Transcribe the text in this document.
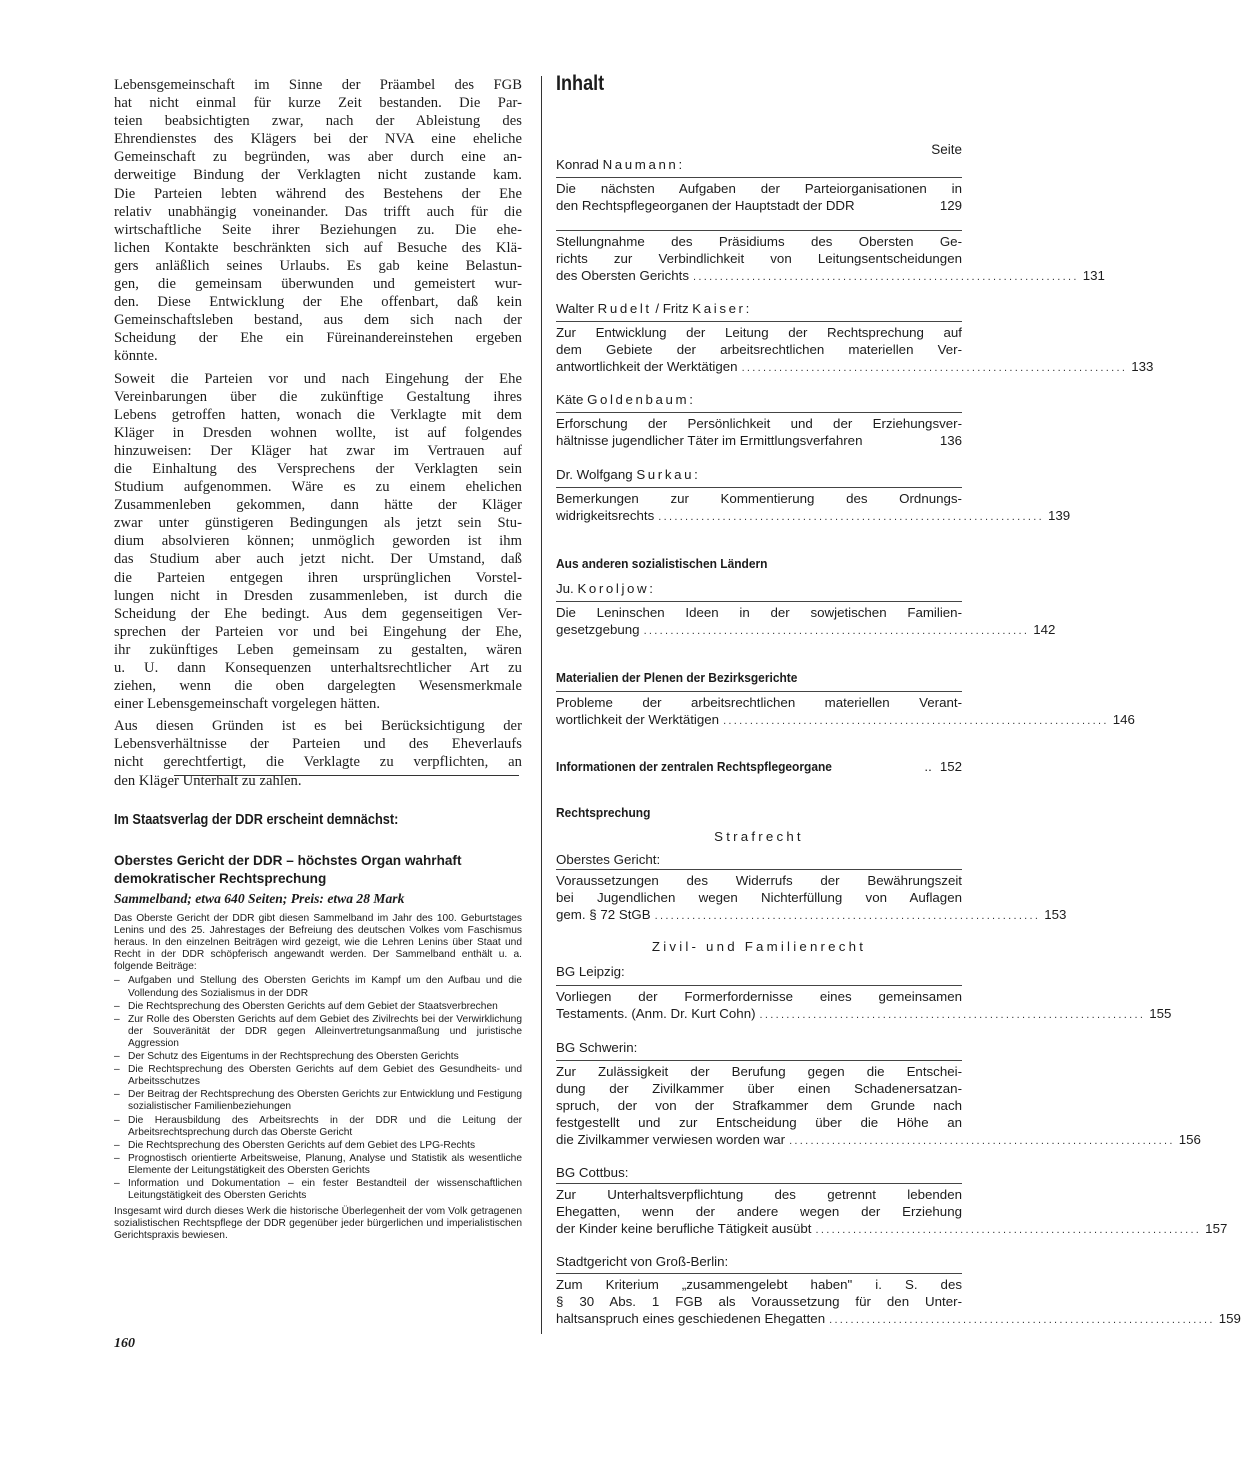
Lebensgemeinschaft im Sinne der Präambel des FGB
hat nicht einmal für kurze Zeit bestanden. Die Par-
teien beabsichtigten zwar, nach der Ableistung des
Ehrendienstes des Klägers bei der NVA eine eheliche
Gemeinschaft zu begründen, was aber durch eine an-
derweitige Bindung der Verklagten nicht zustande kam.
Die Parteien lebten während des Bestehens der Ehe
relativ unabhängig voneinander. Das trifft auch für die
wirtschaftliche Seite ihrer Beziehungen zu. Die ehe-
lichen Kontakte beschränkten sich auf Besuche des Klä-
gers anläßlich seines Urlaubs. Es gab keine Belastun-
gen, die gemeinsam überwunden und gemeistert wur-
den. Diese Entwicklung der Ehe offenbart, daß kein
Gemeinschaftsleben bestand, aus dem sich nach der
Scheidung der Ehe ein Füreinandereinstehen ergeben
könnte.
Soweit die Parteien vor und nach Eingehung der Ehe
Vereinbarungen über die zukünftige Gestaltung ihres
Lebens getroffen hatten, wonach die Verklagte mit dem
Kläger in Dresden wohnen wollte, ist auf folgendes
hinzuweisen: Der Kläger hat zwar im Vertrauen auf
die Einhaltung des Versprechens der Verklagten sein
Studium aufgenommen. Wäre es zu einem ehelichen
Zusammenleben gekommen, dann hätte der Kläger
zwar unter günstigeren Bedingungen als jetzt sein Stu-
dium absolvieren können; unmöglich geworden ist ihm
das Studium aber auch jetzt nicht. Der Umstand, daß
die Parteien entgegen ihren ursprünglichen Vorstel-
lungen nicht in Dresden zusammenleben, ist durch die
Scheidung der Ehe bedingt. Aus dem gegenseitigen Ver-
sprechen der Parteien vor und bei Eingehung der Ehe,
ihr zukünftiges Leben gemeinsam zu gestalten, wären
u. U. dann Konsequenzen unterhaltsrechtlicher Art zu
ziehen, wenn die oben dargelegten Wesensmerkmale
einer Lebensgemeinschaft vorgelegen hätten.
Aus diesen Gründen ist es bei Berücksichtigung der
Lebensverhältnisse der Parteien und des Eheverlaufs
nicht gerechtfertigt, die Verklagte zu verpflichten, an
den Kläger Unterhalt zu zahlen.
Im Staatsverlag der DDR erscheint demnächst:
Oberstes Gericht der DDR – höchstes Organ wahrhaft
demokratischer Rechtsprechung
Sammelband; etwa 640 Seiten; Preis: etwa 28 Mark
Das Oberste Gericht der DDR gibt diesen Sammelband im Jahr des 100. Geburtstages Lenins und des 25. Jahrestages der Befreiung des deutschen Volkes vom Faschismus heraus. In den einzelnen Beiträgen wird gezeigt, wie die Lehren Lenins über Staat und Recht in der DDR schöpferisch angewandt werden. Der Sammelband enthält u. a. folgende Beiträge:
– Aufgaben und Stellung des Obersten Gerichts im Kampf um den Aufbau und die Vollendung des Sozialismus in der DDR
– Die Rechtsprechung des Obersten Gerichts auf dem Gebiet der Staatsverbrechen
– Zur Rolle des Obersten Gerichts auf dem Gebiet des Zivilrechts bei der Verwirklichung der Souveränität der DDR gegen Alleinvertretungsanmaßung und juristische Aggression
– Der Schutz des Eigentums in der Rechtsprechung des Obersten Gerichts
– Die Rechtsprechung des Obersten Gerichts auf dem Gebiet des Gesundheits- und Arbeitsschutzes
– Der Beitrag der Rechtsprechung des Obersten Gerichts zur Entwicklung und Festigung sozialistischer Familienbeziehungen
– Die Herausbildung des Arbeitsrechts in der DDR und die Leitung der Arbeitsrechtsprechung durch das Oberste Gericht
– Die Rechtsprechung des Obersten Gerichts auf dem Gebiet des LPG-Rechts
– Prognostisch orientierte Arbeitsweise, Planung, Analyse und Statistik als wesentliche Elemente der Leitungstätigkeit des Obersten Gerichts
– Information und Dokumentation – ein fester Bestandteil der wissenschaftlichen Leitungstätigkeit des Obersten Gerichts
Insgesamt wird durch dieses Werk die historische Überlegenheit der vom Volk getragenen sozialistischen Rechtspflege der DDR gegenüber jeder bürgerlichen und imperialistischen Gerichtspraxis bewiesen.
160
Inhalt
Seite
Konrad Naumann:
Die nächsten Aufgaben der Parteiorganisationen in
den Rechtspflegeorganen der Hauptstadt der DDR	129
Stellungnahme des Präsidiums des Obersten Ge-
richts zur Verbindlichkeit von Leitungsentscheidungen
des Obersten Gerichts ........................................................................ 131
Walter Rudelt / Fritz Kaiser:
Zur Entwicklung der Leitung der Rechtsprechung auf
dem Gebiete der arbeitsrechtlichen materiellen Ver-
antwortlichkeit der Werktätigen ........................................................................ 133
Käte Goldenbaum:
Erforschung der Persönlichkeit und der Erziehungsver-
hältnisse jugendlicher Täter im Ermittlungsverfahren	136
Dr. Wolfgang Surkau:
Bemerkungen zur Kommentierung des Ordnungs-
widrigkeitsrechts ........................................................................ 139
Aus anderen sozialistischen Ländern
Ju. Koroljow:
Die Leninschen Ideen in der sowjetischen Familien-
gesetzgebung ........................................................................ 142
Materialien der Plenen der Bezirksgerichte
Probleme der arbeitsrechtlichen materiellen Verant-
wortlichkeit der Werktätigen ........................................................................ 146
Informationen der zentralen Rechtspflegeorgane	.. 152
Rechtsprechung
Strafrecht
Oberstes Gericht:
Voraussetzungen des Widerrufs der Bewährungszeit
bei Jugendlichen wegen Nichterfüllung von Auflagen
gem. § 72 StGB ........................................................................ 153
Zivil- und Familienrecht
BG Leipzig:
Vorliegen der Formerfordernisse eines gemeinsamen
Testaments. (Anm. Dr. Kurt Cohn) ........................................................................ 155
BG Schwerin:
Zur Zulässigkeit der Berufung gegen die Entschei-
dung der Zivilkammer über einen Schadenersatzan-
spruch, der von der Strafkammer dem Grunde nach
festgestellt und zur Entscheidung über die Höhe an
die Zivilkammer verwiesen worden war ........................................................................ 156
BG Cottbus:
Zur Unterhaltsverpflichtung des getrennt lebenden
Ehegatten, wenn der andere wegen der Erziehung
der Kinder keine berufliche Tätigkeit ausübt ........................................................................ 157
Stadtgericht von Groß-Berlin:
Zum Kriterium „zusammengelebt haben" i. S. des
§ 30 Abs. 1 FGB als Voraussetzung für den Unter-
haltsanspruch eines geschiedenen Ehegatten ........................................................................ 159
